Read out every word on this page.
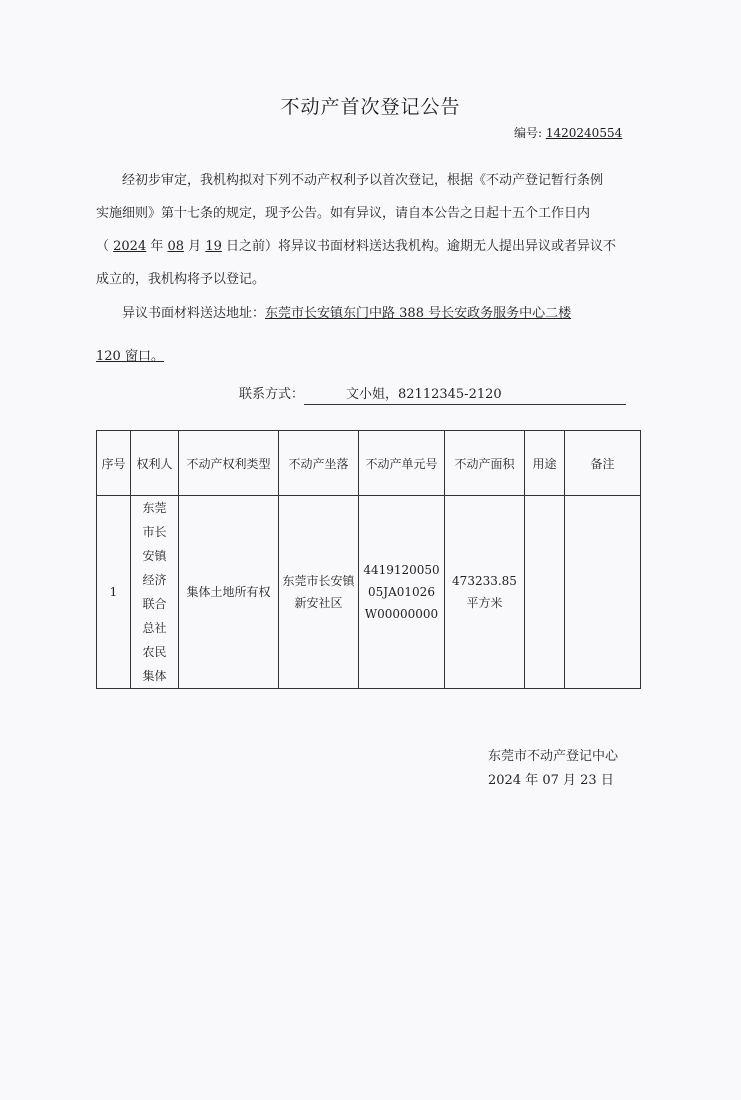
不动产首次登记公告
编号: 1420240554
经初步审定，我机构拟对下列不动产权利予以首次登记，根据《不动产登记暂行条例
实施细则》第十七条的规定，现予公告。如有异议，请自本公告之日起十五个工作日内
（ 2024 年 08 月 19 日之前）将异议书面材料送达我机构。逾期无人提出异议或者异议不
成立的，我机构将予以登记。
异议书面材料送达地址：东莞市长安镇东门中路 388 号长安政务服务中心二楼
120 窗口。
联系方式：	文小姐，82112345-2120
序号	权利人	不动产权利类型	不动产坐落	不动产单元号	不动产面积	用途	备注
1	东莞市长安镇经济联合总社农民集体	集体土地所有权	东莞市长安镇新安社区	441912005005JA01026W00000000	473233.85 平方米		
东莞市不动产登记中心
2024 年 07 月 23 日
